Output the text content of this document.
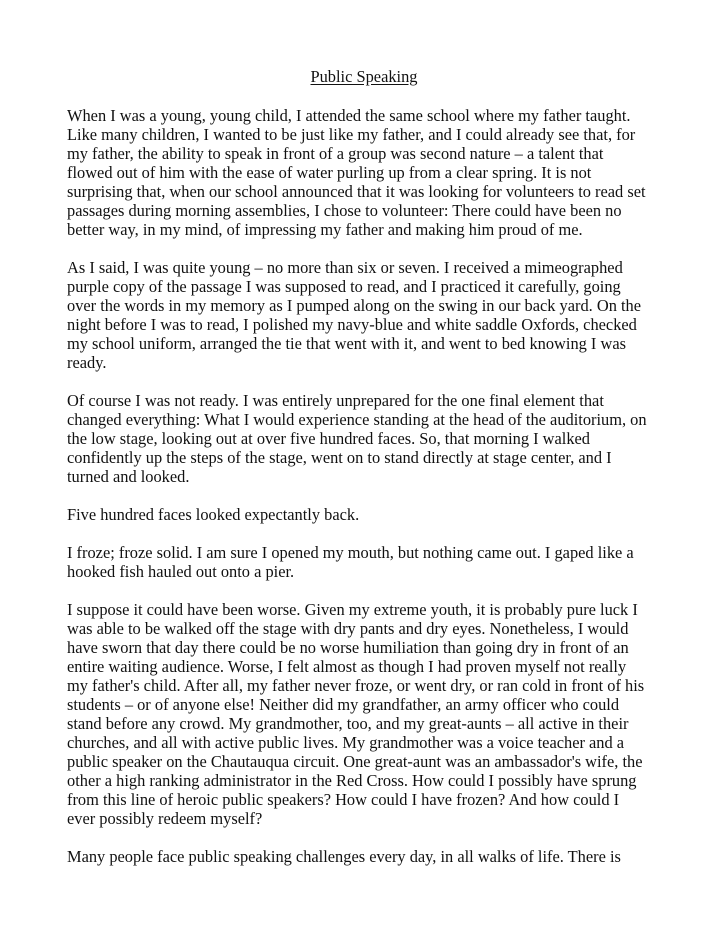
Public Speaking
When I was a young, young child, I attended the same school where my father taught.
Like many children, I wanted to be just like my father, and I could already see that, for
my father, the ability to speak in front of a group was second nature – a talent that
flowed out of him with the ease of water purling up from a clear spring. It is not
surprising that, when our school announced that it was looking for volunteers to read set
passages during morning assemblies, I chose to volunteer: There could have been no
better way, in my mind, of impressing my father and making him proud of me.
As I said, I was quite young – no more than six or seven. I received a mimeographed
purple copy of the passage I was supposed to read, and I practiced it carefully, going
over the words in my memory as I pumped along on the swing in our back yard. On the
night before I was to read, I polished my navy-blue and white saddle Oxfords, checked
my school uniform, arranged the tie that went with it, and went to bed knowing I was
ready.
Of course I was not ready. I was entirely unprepared for the one final element that
changed everything: What I would experience standing at the head of the auditorium, on
the low stage, looking out at over five hundred faces. So, that morning I walked
confidently up the steps of the stage, went on to stand directly at stage center, and I
turned and looked.
Five hundred faces looked expectantly back.
I froze; froze solid. I am sure I opened my mouth, but nothing came out. I gaped like a
hooked fish hauled out onto a pier.
I suppose it could have been worse. Given my extreme youth, it is probably pure luck I
was able to be walked off the stage with dry pants and dry eyes. Nonetheless, I would
have sworn that day there could be no worse humiliation than going dry in front of an
entire waiting audience. Worse, I felt almost as though I had proven myself not really
my father's child. After all, my father never froze, or went dry, or ran cold in front of his
students – or of anyone else! Neither did my grandfather, an army officer who could
stand before any crowd. My grandmother, too, and my great-aunts – all active in their
churches, and all with active public lives. My grandmother was a voice teacher and a
public speaker on the Chautauqua circuit. One great-aunt was an ambassador's wife, the
other a high ranking administrator in the Red Cross. How could I possibly have sprung
from this line of heroic public speakers? How could I have frozen? And how could I
ever possibly redeem myself?
Many people face public speaking challenges every day, in all walks of life. There is
